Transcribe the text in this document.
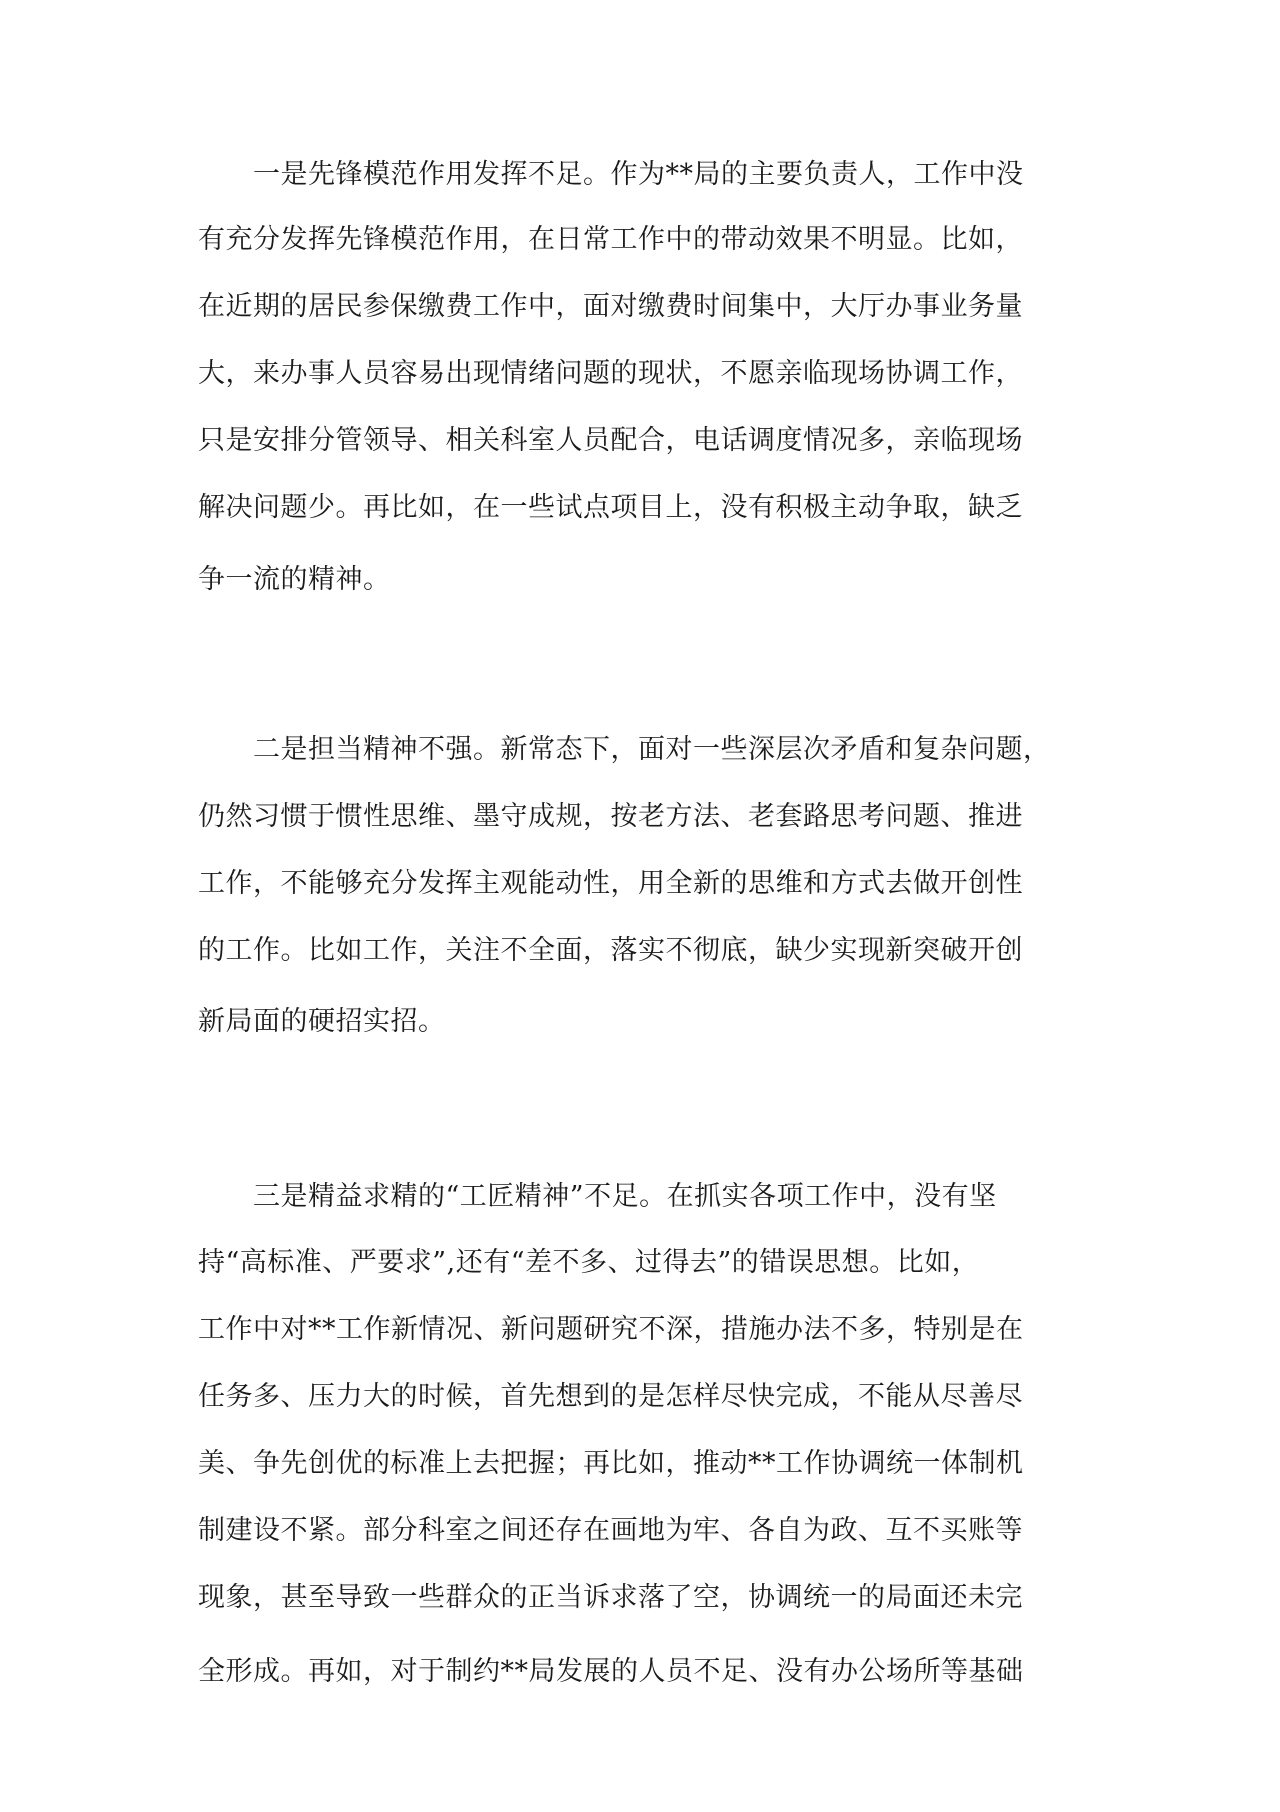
一是先锋模范作用发挥不足。作为**局的主要负责人，工作中没
有充分发挥先锋模范作用，在日常工作中的带动效果不明显。比如，
在近期的居民参保缴费工作中，面对缴费时间集中，大厅办事业务量
大，来办事人员容易出现情绪问题的现状，不愿亲临现场协调工作，
只是安排分管领导、相关科室人员配合，电话调度情况多，亲临现场
解决问题少。再比如，在一些试点项目上，没有积极主动争取，缺乏
争一流的精神。
二是担当精神不强。新常态下，面对一些深层次矛盾和复杂问题，
仍然习惯于惯性思维、墨守成规，按老方法、老套路思考问题、推进
工作，不能够充分发挥主观能动性，用全新的思维和方式去做开创性
的工作。比如工作，关注不全面，落实不彻底，缺少实现新突破开创
新局面的硬招实招。
三是精益求精的“工匠精神”不足。在抓实各项工作中，没有坚
持“高标准、严要求”,还有“差不多、过得去”的错误思想。比如，
工作中对**工作新情况、新问题研究不深，措施办法不多，特别是在
任务多、压力大的时候，首先想到的是怎样尽快完成，不能从尽善尽
美、争先创优的标准上去把握；再比如，推动**工作协调统一体制机
制建设不紧。部分科室之间还存在画地为牢、各自为政、互不买账等
现象，甚至导致一些群众的正当诉求落了空，协调统一的局面还未完
全形成。再如，对于制约**局发展的人员不足、没有办公场所等基础
